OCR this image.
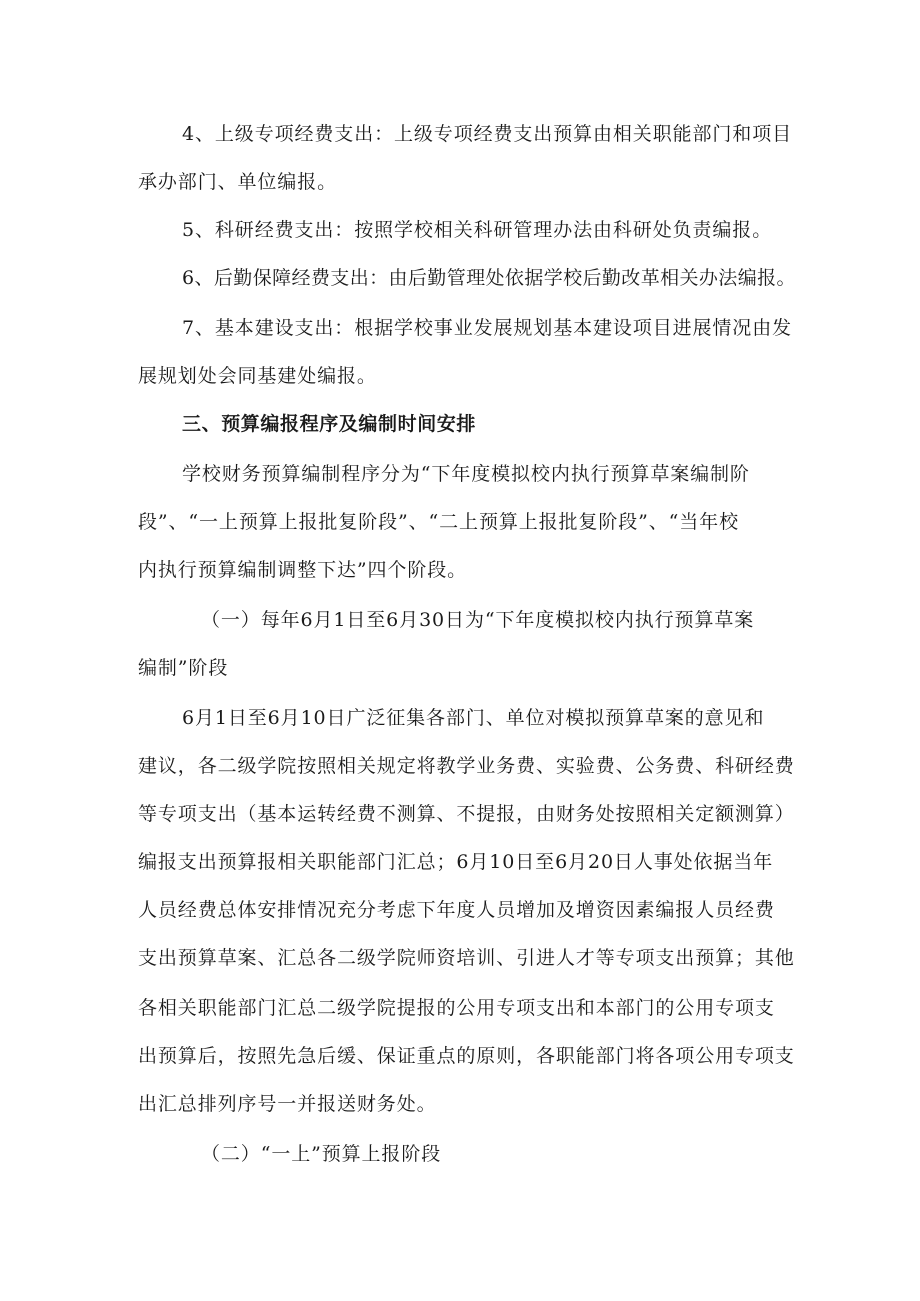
4、上级专项经费支出：上级专项经费支出预算由相关职能部门和项目
承办部门、单位编报。
5、科研经费支出：按照学校相关科研管理办法由科研处负责编报。
6、后勤保障经费支出：由后勤管理处依据学校后勤改革相关办法编报。
7、基本建设支出：根据学校事业发展规划基本建设项目进展情况由发
展规划处会同基建处编报。
三、预算编报程序及编制时间安排
学校财务预算编制程序分为“下年度模拟校内执行预算草案编制阶
段”、“一上预算上报批复阶段”、“二上预算上报批复阶段”、“当年校
内执行预算编制调整下达”四个阶段。
（一）每年6月1日至6月30日为“下年度模拟校内执行预算草案
编制”阶段
6月1日至6月10日广泛征集各部门、单位对模拟预算草案的意见和
建议，各二级学院按照相关规定将教学业务费、实验费、公务费、科研经费
等专项支出（基本运转经费不测算、不提报，由财务处按照相关定额测算）
编报支出预算报相关职能部门汇总；6月10日至6月20日人事处依据当年
人员经费总体安排情况充分考虑下年度人员增加及增资因素编报人员经费
支出预算草案、汇总各二级学院师资培训、引进人才等专项支出预算；其他
各相关职能部门汇总二级学院提报的公用专项支出和本部门的公用专项支
出预算后，按照先急后缓、保证重点的原则，各职能部门将各项公用专项支
出汇总排列序号一并报送财务处。
（二）“一上”预算上报阶段
